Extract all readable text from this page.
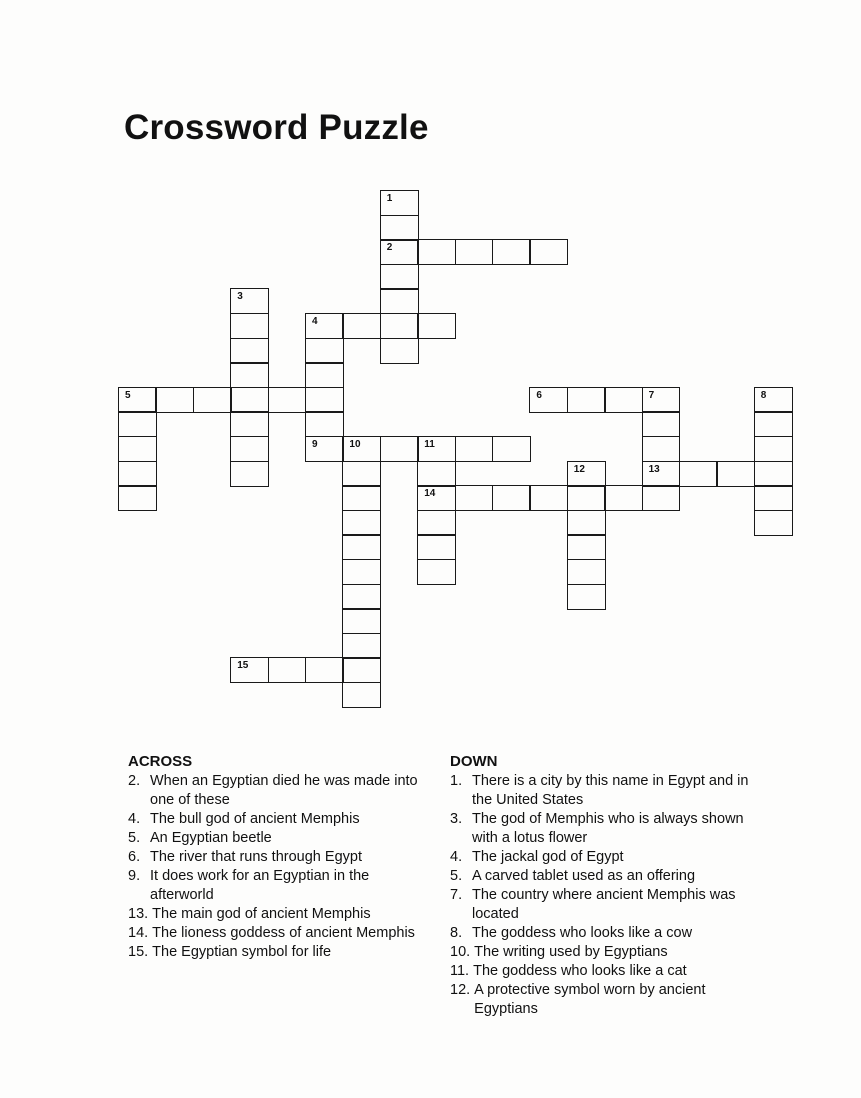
Crossword Puzzle
1
2
3
4
9
5	6	7
13
8
10	11
14
12
15
ACROSS
2. When an Egyptian died he was made into one of these
4. The bull god of ancient Memphis
5. An Egyptian beetle
6. The river that runs through Egypt
9. It does work for an Egyptian in the afterworld
13. The main god of ancient Memphis
14. The lioness goddess of ancient Memphis
15. The Egyptian symbol for life
DOWN
1. There is a city by this name in Egypt and in the United States
3. The god of Memphis who is always shown with a lotus flower
4. The jackal god of Egypt
5. A carved tablet used as an offering
7. The country where ancient Memphis was located
8. The goddess who looks like a cow
10. The writing used by Egyptians
11. The goddess who looks like a cat
12. A protective symbol worn by ancient Egyptians
